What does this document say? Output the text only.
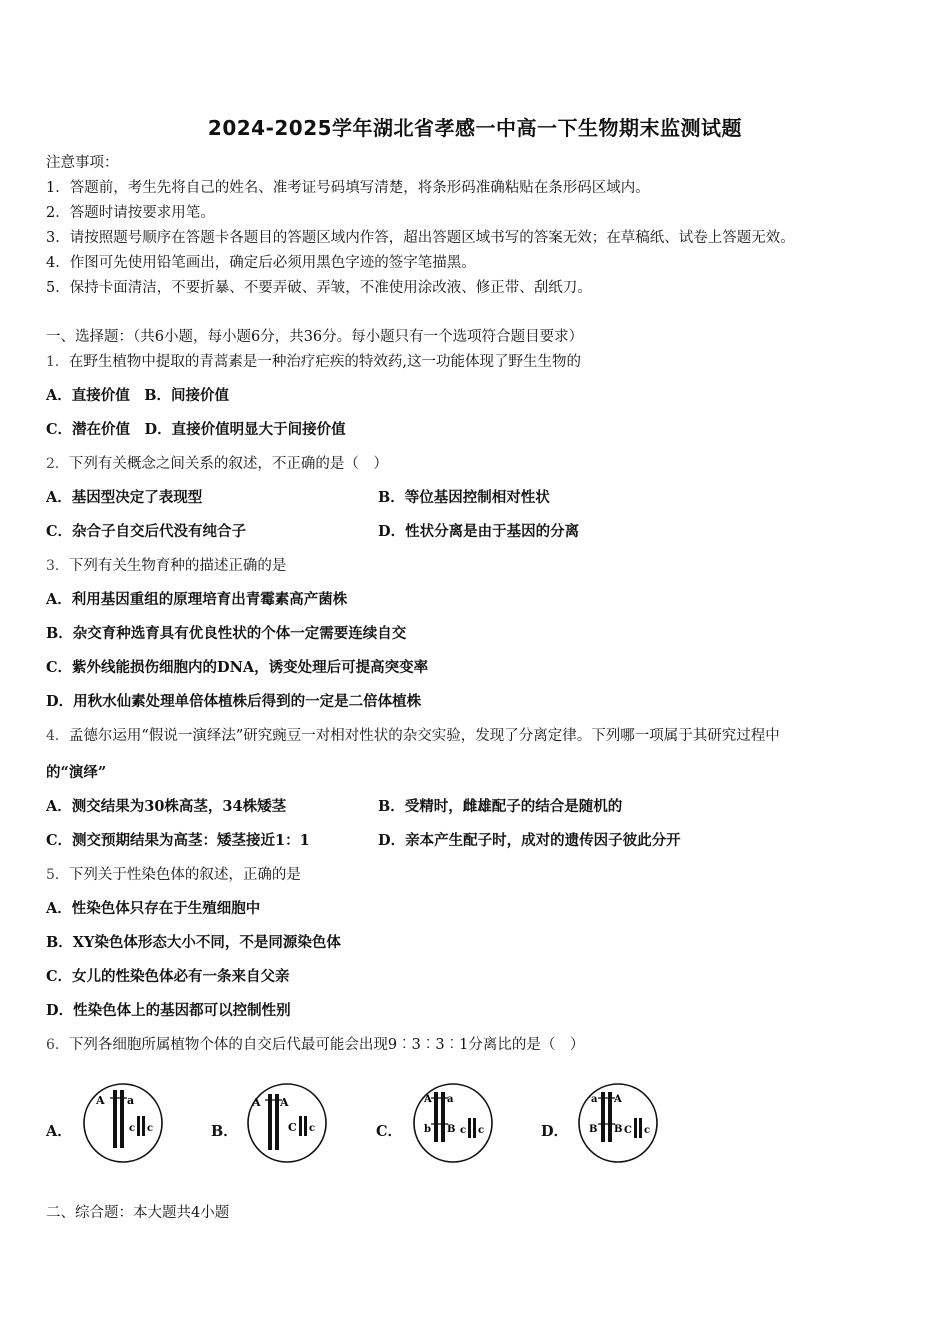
2024-2025学年湖北省孝感一中高一下生物期末监测试题
注意事项：
1．答题前，考生先将自己的姓名、准考证号码填写清楚，将条形码准确粘贴在条形码区域内。
2．答题时请按要求用笔。
3．请按照题号顺序在答题卡各题目的答题区域内作答，超出答题区域书写的答案无效；在草稿纸、试卷上答题无效。
4．作图可先使用铅笔画出，确定后必须用黑色字迹的签字笔描黑。
5．保持卡面清洁，不要折暴、不要弄破、弄皱，不准使用涂改液、修正带、刮纸刀。
一、选择题：（共6小题，每小题6分，共36分。每小题只有一个选项符合题目要求）
1．在野生植物中提取的青蒿素是一种治疗疟疾的特效药,这一功能体现了野生生物的
A．直接价值　B．间接价值
C．潜在价值　D．直接价值明显大于间接价值
2．下列有关概念之间关系的叙述，不正确的是（　）
A．基因型决定了表现型	B．等位基因控制相对性状
C．杂合子自交后代没有纯合子	D．性状分离是由于基因的分离
3．下列有关生物育种的描述正确的是
A．利用基因重组的原理培育出青霉素高产菌株
B．杂交育种选育具有优良性状的个体一定需要连续自交
C．紫外线能损伤细胞内的DNA，诱变处理后可提高突变率
D．用秋水仙素处理单倍体植株后得到的一定是二倍体植株
4．孟德尔运用“假说一演绎法”研究豌豆一对相对性状的杂交实验，发现了分离定律。下列哪一项属于其研究过程中
的“演绎”
A．测交结果为30株高茎，34株矮茎	B．受精时，雌雄配子的结合是随机的
C．测交预期结果为高茎：矮茎接近1：1	D．亲本产生配子时，成对的遗传因子彼此分开
5．下列关于性染色体的叙述，正确的是
A．性染色体只存在于生殖细胞中
B．XY染色体形态大小不同，不是同源染色体
C．女儿的性染色体必有一条来自父亲
D．性染色体上的基因都可以控制性别
6．下列各细胞所属植物个体的自交后代最可能会出现9︰3︰3︰1分离比的是（　）
A．
A a
c c	B．
A A
C c	C．
A a
b B c c	D．
a A
B B C c
二、综合题：本大题共4小题
